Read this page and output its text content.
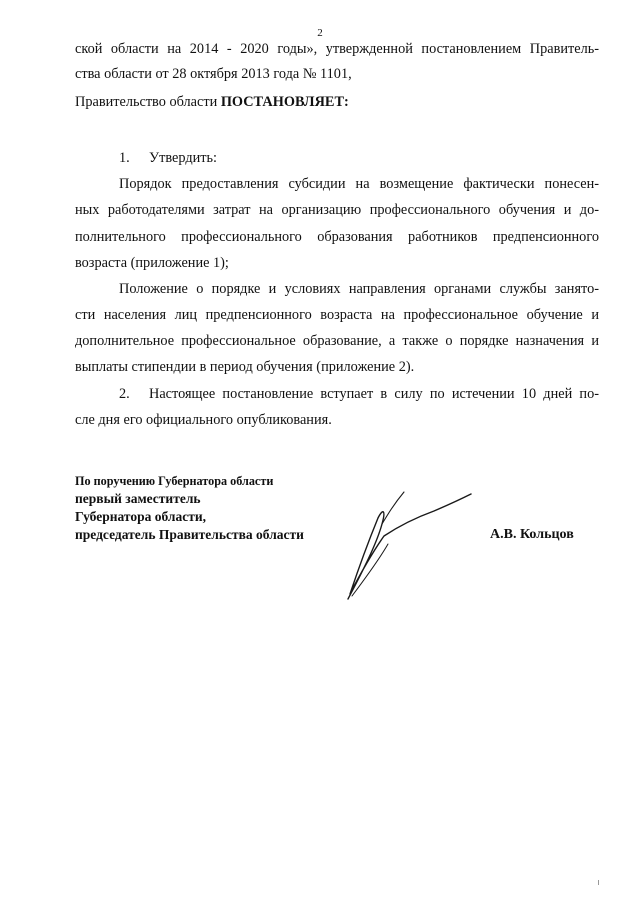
2
ской области на 2014 - 2020 годы», утвержденной постановлением Правитель-
ства области от 28 октября 2013 года № 1101,
Правительство области ПОСТАНОВЛЯЕТ:
1. Утвердить:
Порядок предоставления субсидии на возмещение фактически понесен-
ных работодателями затрат на организацию профессионального обучения и до-
полнительного профессионального образования работников предпенсионного
возраста (приложение 1);
Положение о порядке и условиях направления органами службы занято-
сти населения лиц предпенсионного возраста на профессиональное обучение и
дополнительное профессиональное образование, а также о порядке назначения и
выплаты стипендии в период обучения (приложение 2).
2. Настоящее постановление вступает в силу по истечении 10 дней по-
сле дня его официального опубликования.
По поручению Губернатора области
первый заместитель
Губернатора области,
председатель Правительства области	А.В. Кольцов
